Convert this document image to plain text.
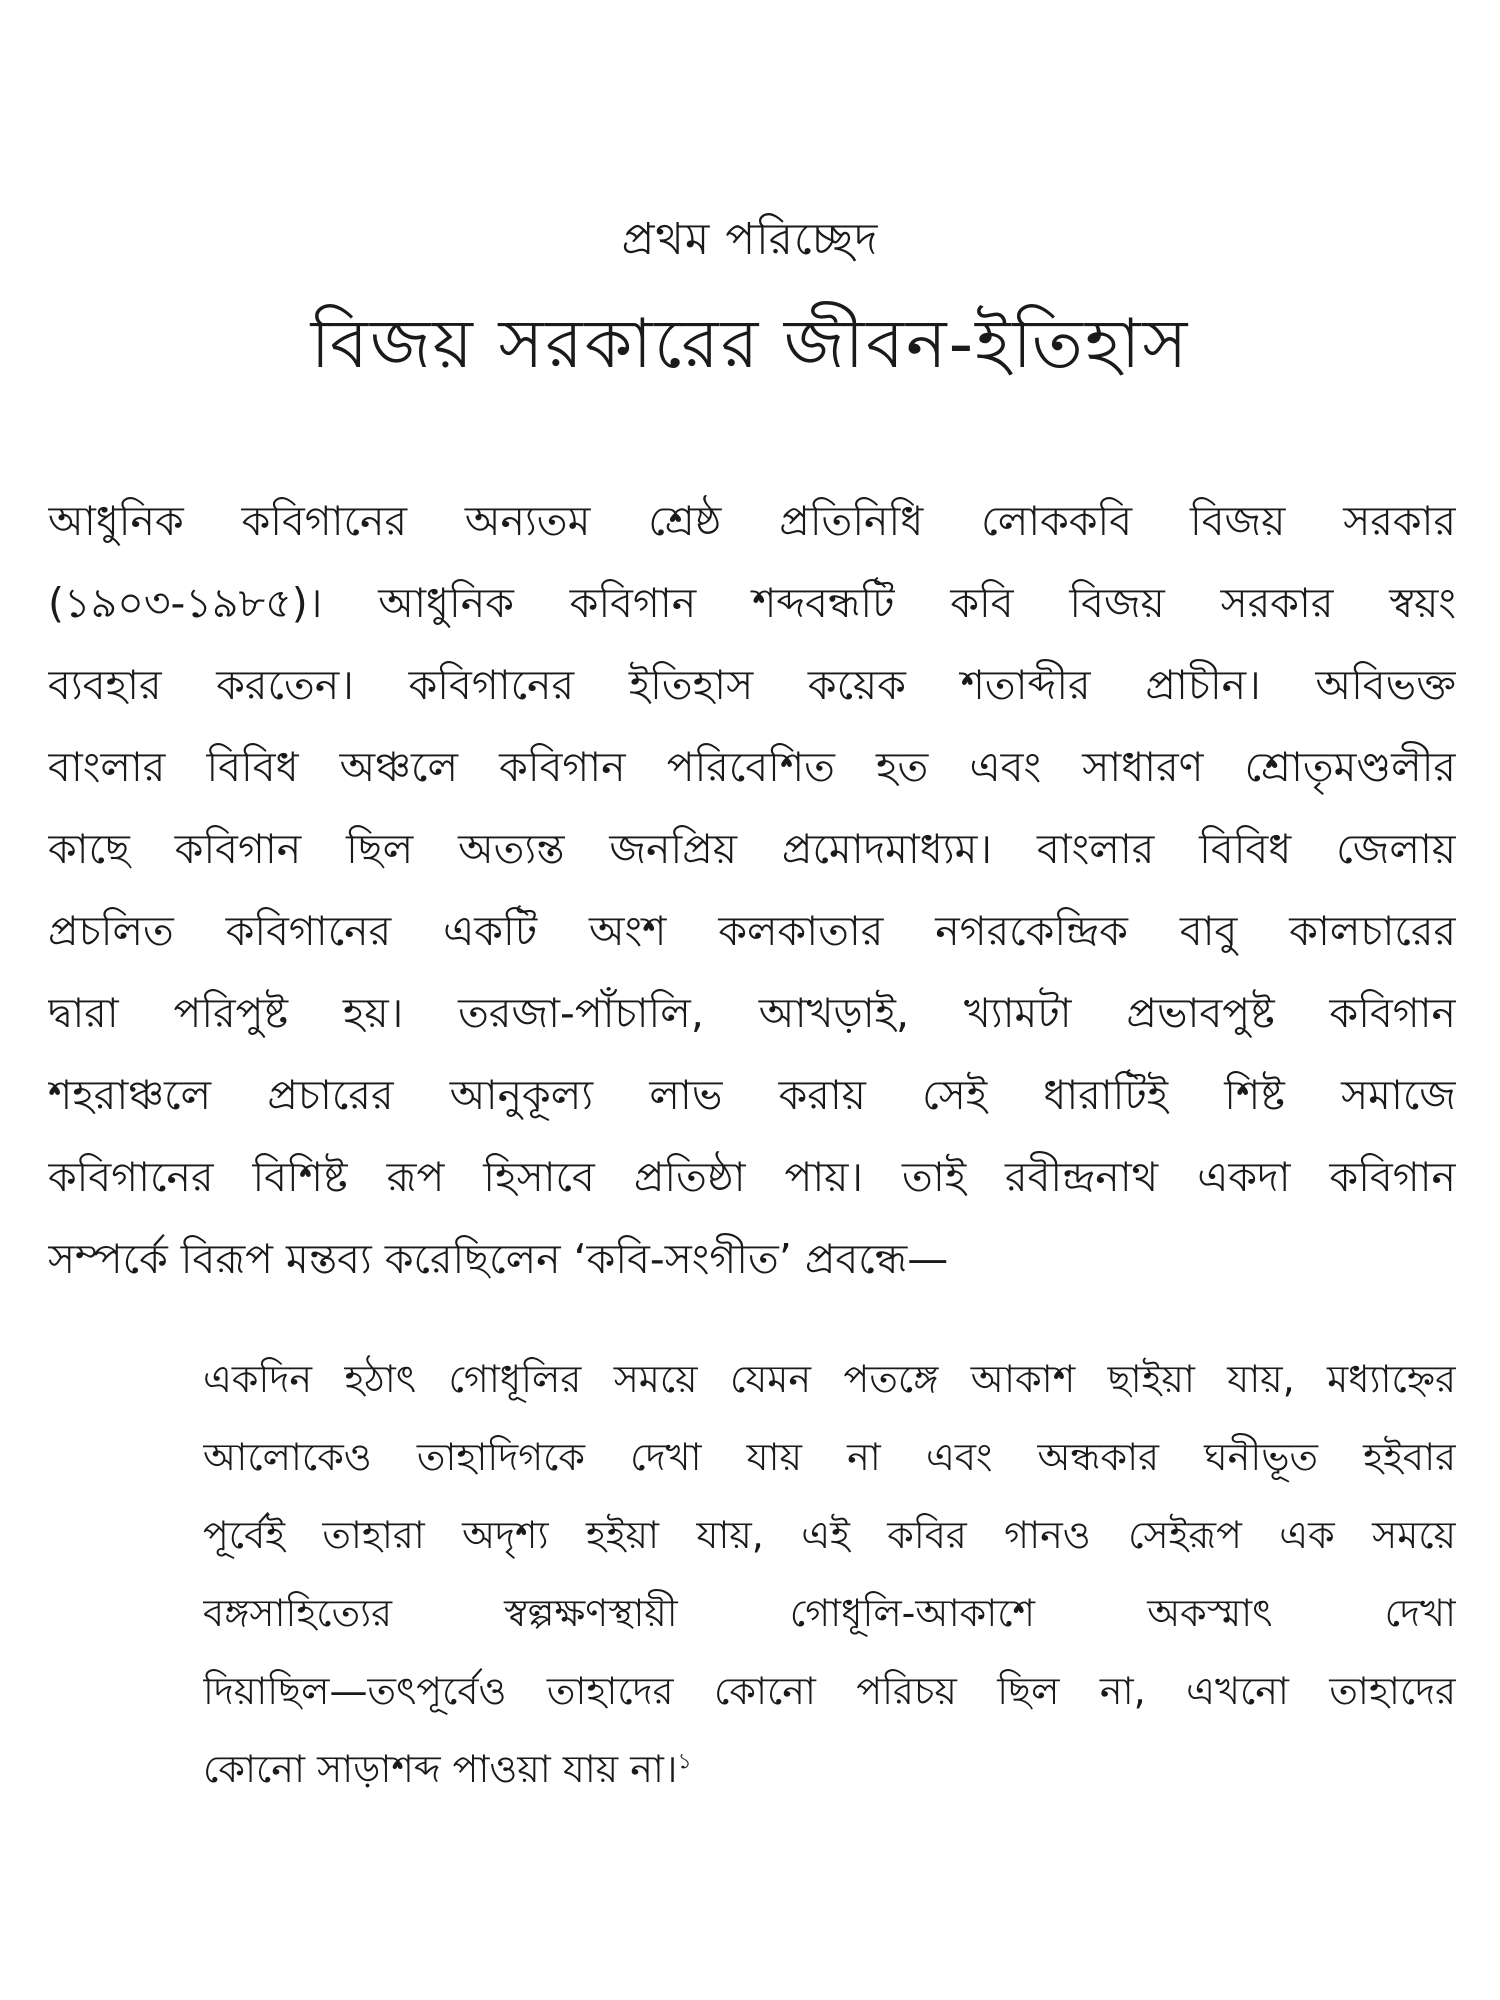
প্রথম পরিচ্ছেদ
বিজয় সরকারের জীবন-ইতিহাস
আধুনিক কবিগানের অন্যতম শ্রেষ্ঠ প্রতিনিধি লোককবি বিজয় সরকার
(১৯০৩-১৯৮৫)। আধুনিক কবিগান শব্দবন্ধটি কবি বিজয় সরকার স্বয়ং
ব্যবহার করতেন। কবিগানের ইতিহাস কয়েক শতাব্দীর প্রাচীন। অবিভক্ত
বাংলার বিবিধ অঞ্চলে কবিগান পরিবেশিত হত এবং সাধারণ শ্রোতৃমণ্ডলীর
কাছে কবিগান ছিল অত্যন্ত জনপ্রিয় প্রমোদমাধ্যম। বাংলার বিবিধ জেলায়
প্রচলিত কবিগানের একটি অংশ কলকাতার নগরকেন্দ্রিক বাবু কালচারের
দ্বারা পরিপুষ্ট হয়। তরজা-পাঁচালি, আখড়াই, খ্যামটা প্রভাবপুষ্ট কবিগান
শহরাঞ্চলে প্রচারের আনুকূল্য লাভ করায় সেই ধারাটিই শিষ্ট সমাজে
কবিগানের বিশিষ্ট রূপ হিসাবে প্রতিষ্ঠা পায়। তাই রবীন্দ্রনাথ একদা কবিগান
সম্পর্কে বিরূপ মন্তব্য করেছিলেন ‘কবি-সংগীত’ প্রবন্ধে—
একদিন হঠাৎ গোধূলির সময়ে যেমন পতঙ্গে আকাশ ছাইয়া যায়, মধ্যাহ্নের
আলোকেও তাহাদিগকে দেখা যায় না এবং অন্ধকার ঘনীভূত হইবার
পূর্বেই তাহারা অদৃশ্য হইয়া যায়, এই কবির গানও সেইরূপ এক সময়ে
বঙ্গসাহিত্যের স্বল্পক্ষণস্থায়ী গোধূলি-আকাশে অকস্মাৎ দেখা
দিয়াছিল—তৎপূর্বেও তাহাদের কোনো পরিচয় ছিল না, এখনো তাহাদের
কোনো সাড়াশব্দ পাওয়া যায় না।$^১$
